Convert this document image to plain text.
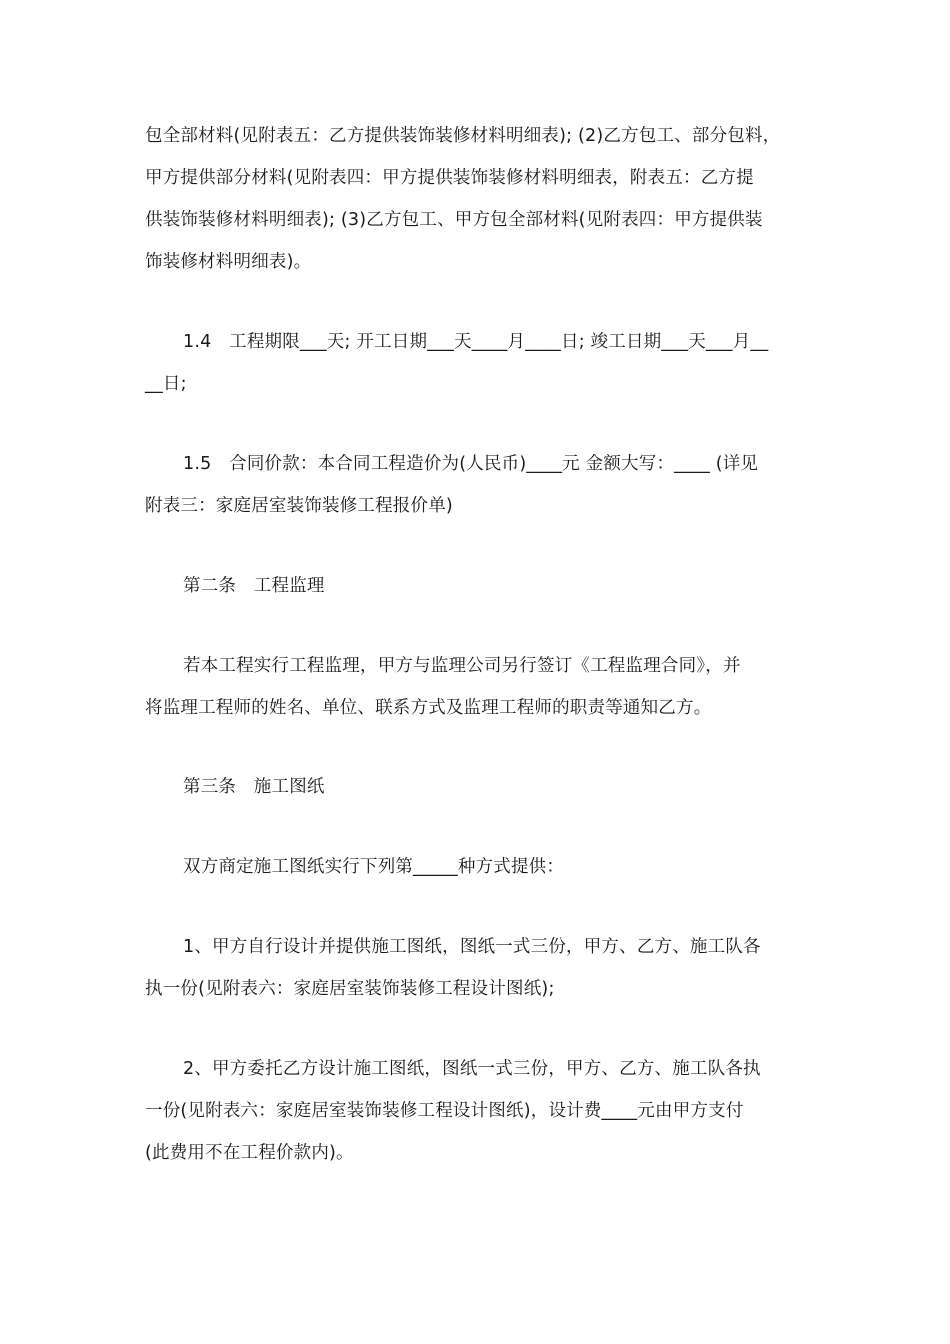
包全部材料(见附表五：乙方提供装饰装修材料明细表); (2)乙方包工、部分包料，
甲方提供部分材料(见附表四：甲方提供装饰装修材料明细表，附表五：乙方提
供装饰装修材料明细表); (3)乙方包工、甲方包全部材料(见附表四：甲方提供装
饰装修材料明细表)。
1.4　工程期限___天; 开工日期___天____月____日; 竣工日期___天___月__
__日;
1.5　合同价款：本合同工程造价为(人民币)____元 金额大写：____ (详见
附表三：家庭居室装饰装修工程报价单)
第二条　工程监理
若本工程实行工程监理，甲方与监理公司另行签订《工程监理合同》，并
将监理工程师的姓名、单位、联系方式及监理工程师的职责等通知乙方。
第三条　施工图纸
双方商定施工图纸实行下列第_____种方式提供：
1、甲方自行设计并提供施工图纸，图纸一式三份，甲方、乙方、施工队各
执一份(见附表六：家庭居室装饰装修工程设计图纸);
2、甲方委托乙方设计施工图纸，图纸一式三份，甲方、乙方、施工队各执
一份(见附表六：家庭居室装饰装修工程设计图纸)，设计费____元由甲方支付
(此费用不在工程价款内)。
